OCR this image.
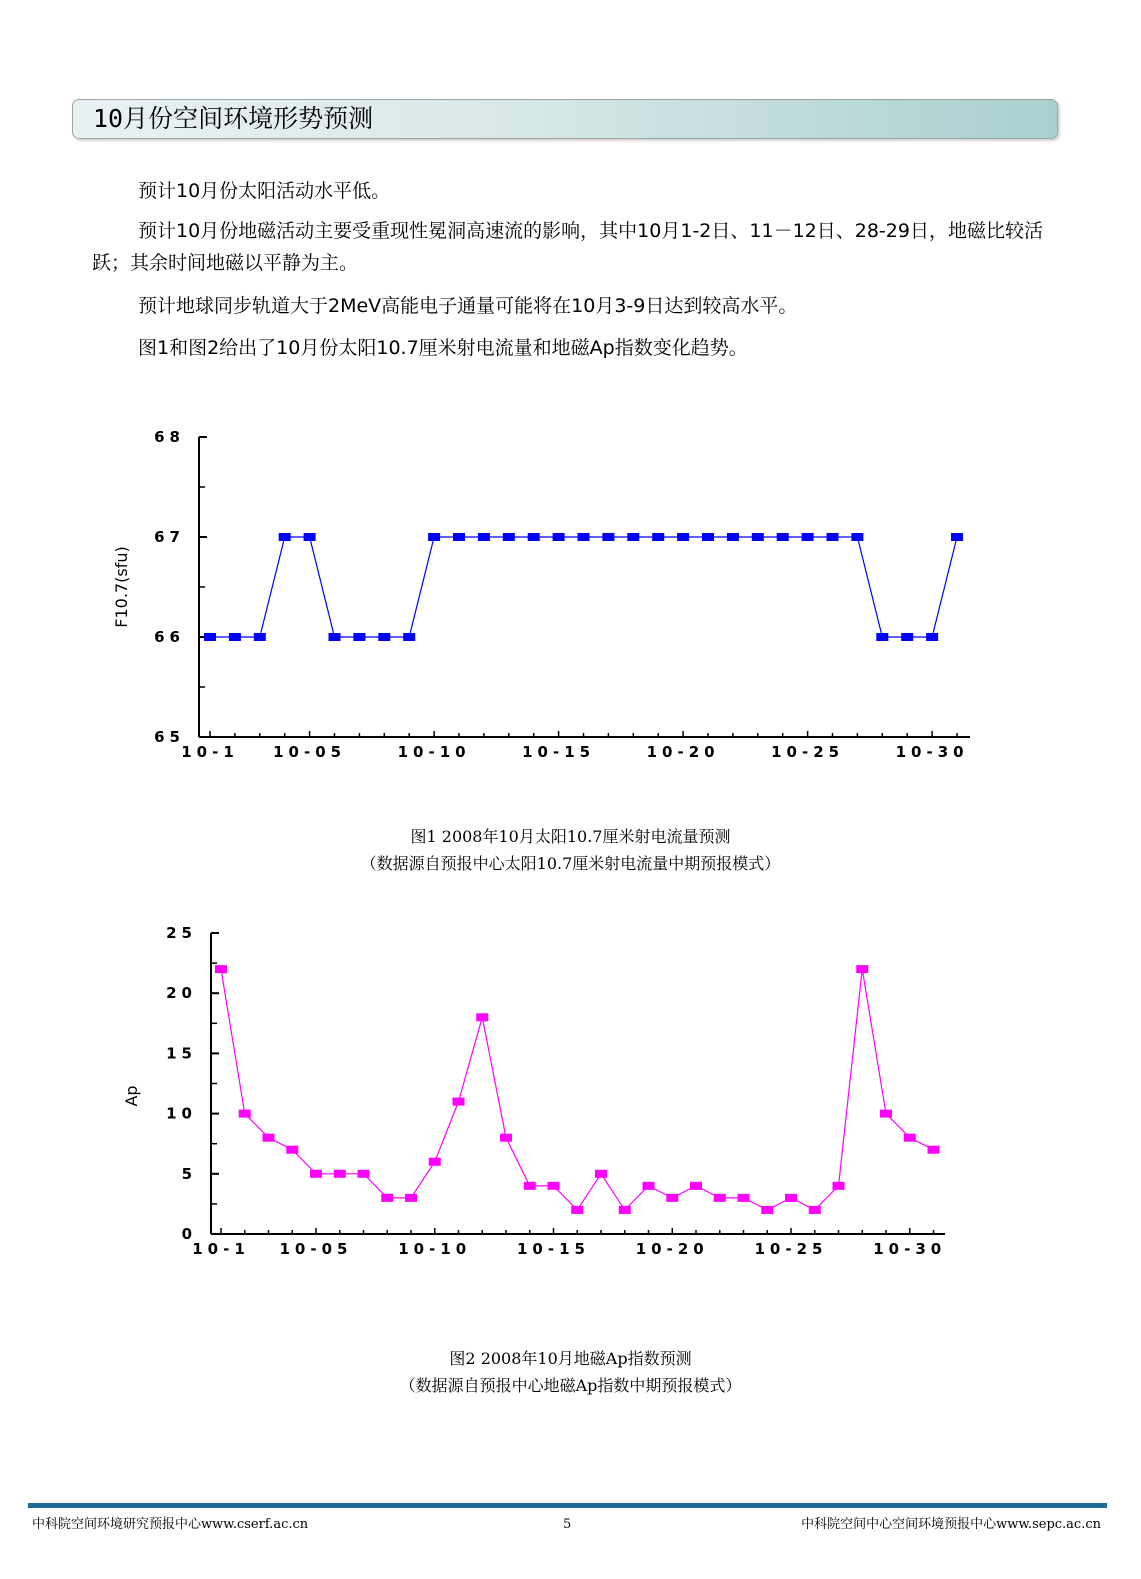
10月份空间环境形势预测

预计10月份太阳活动水平低。

预计10月份地磁活动主要受重现性冕洞高速流的影响，其中10月1-2日、11－12日、28-29日，地磁比较活跃；其余时间地磁以平静为主。

预计地球同步轨道大于2MeV高能电子通量可能将在10月3-9日达到较高水平。

图1和图2给出了10月份太阳10.7厘米射电流量和地磁Ap指数变化趋势。

65
66
67
68
10-1 10-05	10-10	10-15	10-20	10-25	10-30
F10.7(sfu)
图1 2008年10月太阳10.7厘米射电流量预测
（数据源自预报中心太阳10.7厘米射电流量中期预报模式）
0
5
10
15
20
25
10-1 10-05	10-10	10-15	10-20	10-25	10-30
Ap
图2 2008年10月地磁Ap指数预测
（数据源自预报中心地磁Ap指数中期预报模式）
中科院空间环境研究预报中心www.cserf.ac.cn	5	中科院空间中心空间环境预报中心www.sepc.ac.cn
